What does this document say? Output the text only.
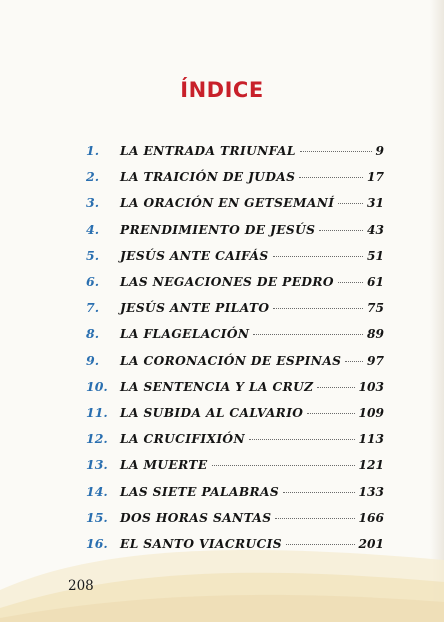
ÍNDICE
1. LA ENTRADA TRIUNFAL	9
2. LA TRAICIÓN DE JUDAS	17
3. LA ORACIÓN EN GETSEMANÍ	31
4. PRENDIMIENTO DE JESÚS	43
5. JESÚS ANTE CAIFÁS	51
6. LAS NEGACIONES DE PEDRO	61
7. JESÚS ANTE PILATO	75
8. LA FLAGELACIÓN	89
9. LA CORONACIÓN DE ESPINAS 97
10. LA SENTENCIA Y LA CRUZ	103
11. LA SUBIDA AL CALVARIO	109
12. LA CRUCIFIXIÓN	113
13. LA MUERTE	121
14. LAS SIETE PALABRAS	133
15. DOS HORAS SANTAS	166
16. EL SANTO VIACRUCIS	201
208
